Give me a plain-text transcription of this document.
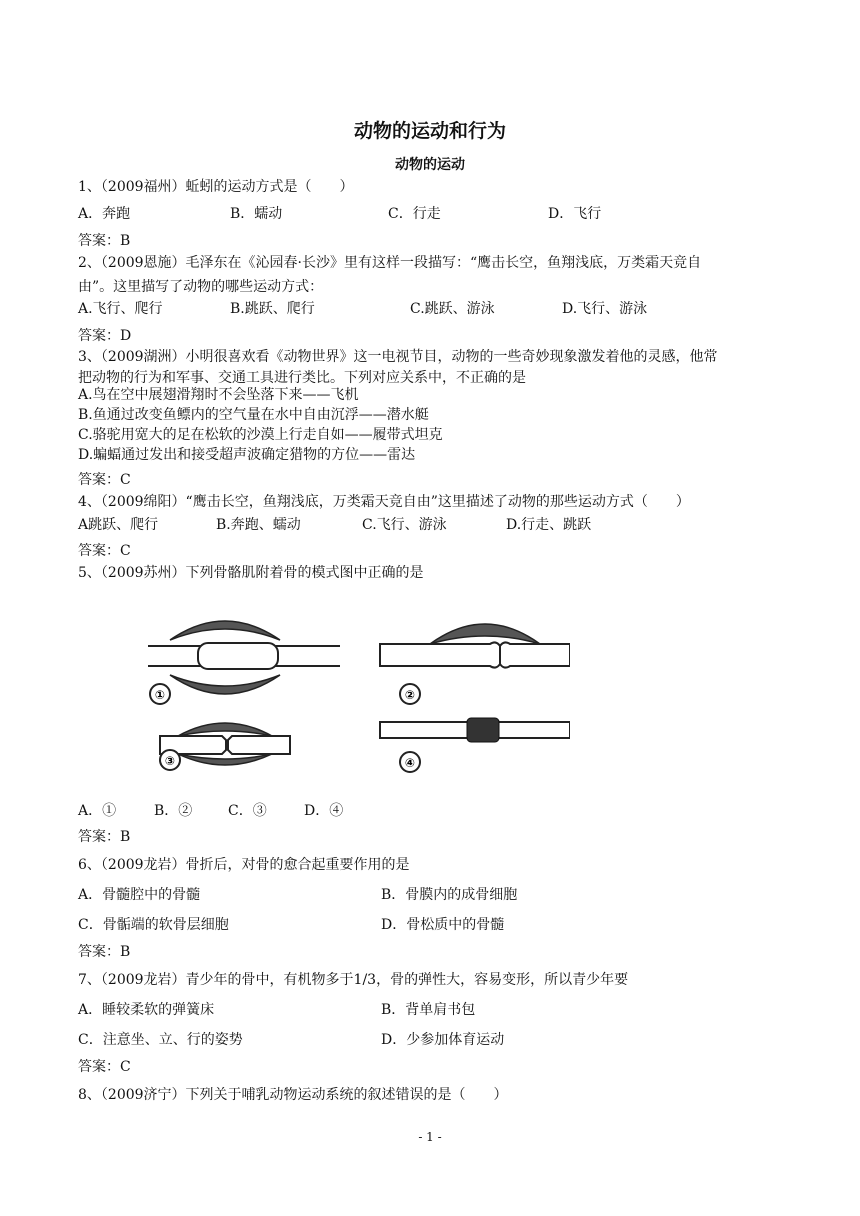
动物的运动和行为
动物的运动
1、（2009福州）蚯蚓的运动方式是（　　）
A．奔跑	B．蠕动	C．行走	D．飞行
答案：B
2、（2009恩施）毛泽东在《沁园春·长沙》里有这样一段描写：“鹰击长空，鱼翔浅底，万类霜天竞自
由”。这里描写了动物的哪些运动方式：
A.飞行、爬行	B.跳跃、爬行	C.跳跃、游泳	D.飞行、游泳
答案：D
3、（2009湖洲）小明很喜欢看《动物世界》这一电视节目，动物的一些奇妙现象激发着他的灵感，他常
把动物的行为和军事、交通工具进行类比。下列对应关系中，不正确的是
A.鸟在空中展翅滑翔时不会坠落下来——飞机
B.鱼通过改变鱼鳔内的空气量在水中自由沉浮——潜水艇
C.骆驼用宽大的足在松软的沙漠上行走自如——履带式坦克
D.蝙蝠通过发出和接受超声波确定猎物的方位——雷达
答案：C
4、（2009绵阳）“鹰击长空，鱼翔浅底，万类霜天竞自由”这里描述了动物的那些运动方式（　　）
A跳跃、爬行	B.奔跑、蠕动	C.飞行、游泳	D.行走、跳跃
答案：C
5、（2009苏州）下列骨骼肌附着骨的模式图中正确的是
①	②
③	④
A．①	B．②	C．③	D．④
答案：B
6、（2009龙岩）骨折后，对骨的愈合起重要作用的是
A．骨髓腔中的骨髓	B．骨膜内的成骨细胞
C．骨骺端的软骨层细胞	D．骨松质中的骨髓
答案：B
7、（2009龙岩）青少年的骨中，有机物多于1/3，骨的弹性大，容易变形，所以青少年要
A．睡较柔软的弹簧床	B．背单肩书包
C．注意坐、立、行的姿势	D．少参加体育运动
答案：C
8、（2009济宁）下列关于哺乳动物运动系统的叙述错误的是（　　）
- 1 -
